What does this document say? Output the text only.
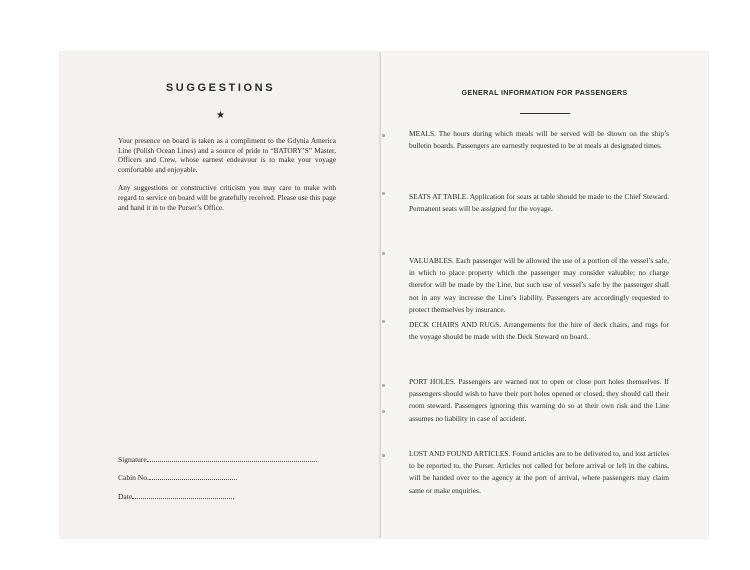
SUGGESTIONS
★

Your presence on board is taken as a compliment to the Gdynia America Line (Polish Ocean Lines) and a source of pride to “BATORY’S” Master, Officers and Crew, whose earnest endeavour is to make your voyage comfortable and enjoyable.

Any suggestions or constructive criticism you may care to make with regard to service on board will be gratefully received. Please use this page and hand it in to the Purser’s Office.

Signature
Cabin No.
Date
GENERAL INFORMATION FOR PASSENGERS
MEALS. The hours during which meals will be served will be shown on the ship’s bulletin boards. Passengers are earnestly requested to be at meals at designated times.
SEATS AT TABLE. Application for seats at table should be made to the Chief Steward. Permanent seats will be assigned for the voyage.
VALUABLES. Each passenger will be allowed the use of a portion of the vessel’s safe, in which to place property which the passenger may consider valuable; no charge therefor will be made by the Line, but such use of vessel’s safe by the passenger shall not in any way increase the Line’s liability. Passengers are accordingly requested to protect themselves by insurance.
DECK CHAIRS AND RUGS. Arrangements for the hire of deck chairs, and rugs for the voyage should be made with the Deck Steward on board.
PORT HOLES. Passengers are warned not to open or close port holes themselves. If passengers should wish to have their port holes opened or closed, they should call their room steward. Passengers ignoring this warning do so at their own risk and the Line assumes no liability in case of accident.
LOST AND FOUND ARTICLES. Found articles are to be delivered to, and lost articles to be reported to, the Purser. Articles not called for before arrival or left in the cabins, will be handed over to the agency at the port of arrival, where passengers may claim same or make enquiries.
